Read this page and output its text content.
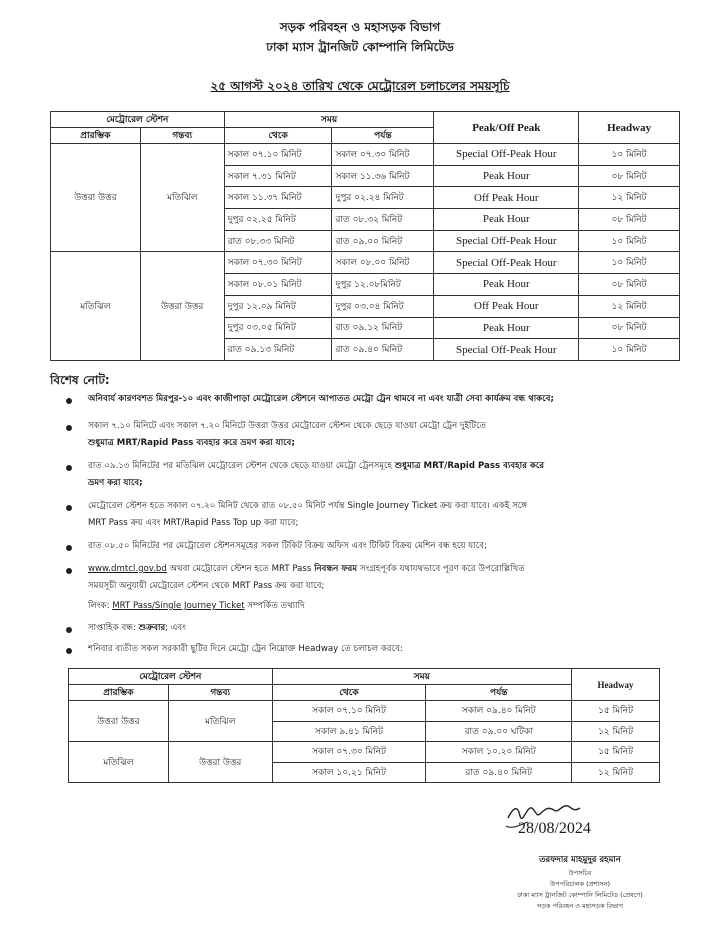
সড়ক পরিবহন ও মহাসড়ক বিভাগ
ঢাকা ম্যাস ট্রানজিট কোম্পানি লিমিটেড
২৫ আগস্ট ২০২৪ তারিখ থেকে মেট্রোরেল চলাচলের সময়সূচি
মেট্রোরেল স্টেশন		সময়		Peak/Off Peak	Headway
প্রারম্ভিক	গন্তব্য	থেকে	পর্যন্ত		
উত্তরা উত্তর	মতিঝিল	সকাল ০৭.১০ মিনিট	সকাল ০৭.৩০ মিনিট	Special Off-Peak Hour	১০ মিনিট
		সকাল ৭.৩১ মিনিট	সকাল ১১.৩৬ মিনিট	Peak Hour	০৮ মিনিট
		সকাল ১১.৩৭ মিনিট	দুপুর ০২.২৪ মিনিট	Off Peak Hour	১২ মিনিট
		দুপুর ০২.২৫ মিনিট	রাত ০৮.৩২ মিনিট	Peak Hour	০৮ মিনিট
		রাত ০৮.৩৩ মিনিট	রাত ০৯.০০ মিনিট	Special Off-Peak Hour	১০ মিনিট
মতিঝিল	উত্তরা উত্তর	সকাল ০৭.৩০ মিনিট	সকাল ০৮.০০ মিনিট	Special Off-Peak Hour	১০ মিনিট
		সকাল ০৮.০১ মিনিট	দুপুর ১২.০৮মিনিট	Peak Hour	০৮ মিনিট
		দুপুর ১২.০৯ মিনিট	দুপুর ০৩.০৪ মিনিট	Off Peak Hour	১২ মিনিট
		দুপুর ০৩.০৫ মিনিট	রাত ০৯.১২ মিনিট	Peak Hour	০৮ মিনিট
		রাত ০৯.১৩ মিনিট	রাত ০৯.৪০ মিনিট	Special Off-Peak Hour	১০ মিনিট
বিশেষ নোট:
অনিবার্য কারণবশত মিরপুর-১০ এবং কাজীপাড়া মেট্রোরেল স্টেশনে আপাতত মেট্রো ট্রেন থামবে না এবং যাত্রী সেবা কার্যক্রম বন্ধ থাকবে;
সকাল ৭.১০ মিনিটে এবং সকাল ৭.২০ মিনিটে উত্তরা উত্তর মেট্রোরেল স্টেশন থেকে ছেড়ে যাওয়া মেট্রো ট্রেন দুইটিতে
শুধুমাত্র MRT/Rapid Pass ব্যবহার করে ভ্রমণ করা যাবে;
রাত ০৯.১৩ মিনিটের পর মতিঝিল মেট্রোরেল স্টেশন থেকে ছেড়ে যাওয়া মেট্রো ট্রেনসমূহে শুধুমাত্র MRT/Rapid Pass ব্যবহার করে
ভ্রমণ করা যাবে;
মেট্রোরেল স্টেশন হতে সকাল ০৭.২০ মিনিট থেকে রাত ০৮.৫০ মিনিট পর্যন্ত Single Journey Ticket ক্রয় করা যাবে। একই সঙ্গে
MRT Pass ক্রয় এবং MRT/Rapid Pass Top up করা যাবে;
রাত ০৮.৫০ মিনিটের পর মেট্রোরেল স্টেশনসমূহের সকল টিকিট বিক্রয় অফিস এবং টিকিট বিক্রয় মেশিন বন্ধ হয়ে যাবে;
www.dmtcl.gov.bd অথবা মেট্রোরেল স্টেশন হতে MRT Pass নিবন্ধন ফরম সংগ্রহপূর্বক যথাযথভাবে পূরণ করে উপরোল্লিখিত
সময়সূচী অনুযায়ী মেট্রোরেল স্টেশন থেকে MRT Pass ক্রয় করা যাবে;
লিংক: MRT Pass/Single Journey Ticket সম্পর্কিত তথ্যাদি
সাপ্তাহিক বন্ধ: শুক্রবার; এবং
শনিবার ব্যতীত সকল সরকারী ছুটির দিনে মেট্রো ট্রেন নিম্নোক্ত Headway তে চলাচল করবে:
মেট্রোরেল স্টেশন		সময়		Headway
প্রারম্ভিক	গন্তব্য	থেকে	পর্যন্ত	
উত্তরা উত্তর	মতিঝিল	সকাল ০৭.১০ মিনিট	সকাল ০৯.৪০ মিনিট	১৫ মিনিট
		সকাল ৯.৪১ মিনিট	রাত ০৯.০০ ঘটিকা	১২ মিনিট
মতিঝিল	উত্তরা উত্তর	সকাল ০৭.৩০ মিনিট	সকাল ১০.২০ মিনিট	১৫ মিনিট
		সকাল ১০.২১ মিনিট	রাত ০৯.৪০ মিনিট	১২ মিনিট
28/08/2024
তরফদার মাহমুদুর রহমান
উপসচিব
উপপরিচালক (প্রশাসন)
ঢাকা ম্যাস ট্রানজিট কোম্পানি লিমিটেড (প্রেষণে)
সড়ক পরিবহন ও মহাসড়ক বিভাগ
